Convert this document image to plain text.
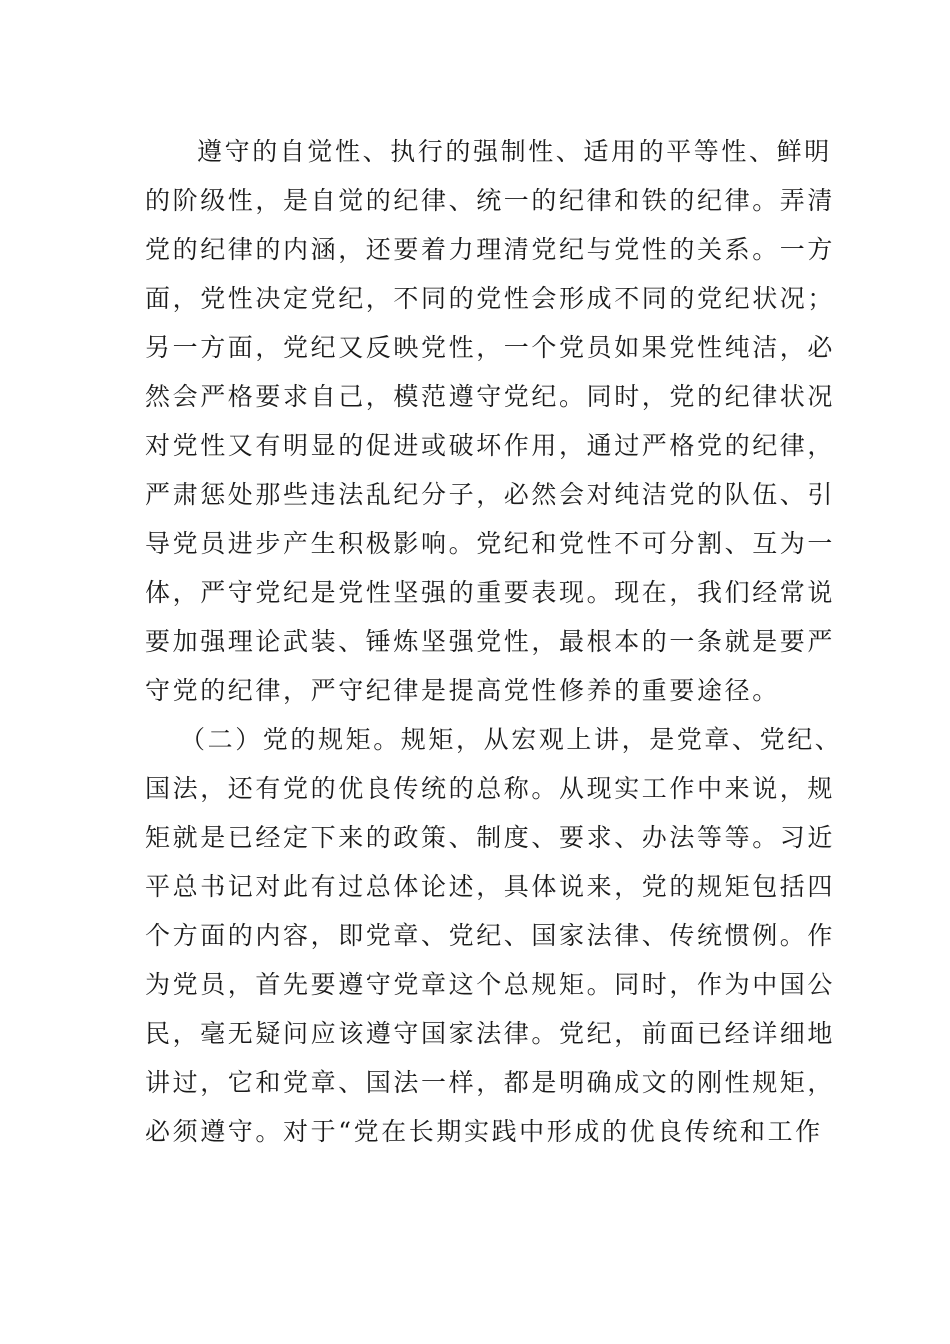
遵守的自觉性、执行的强制性、适用的平等性、鲜明
的阶级性，是自觉的纪律、统一的纪律和铁的纪律。弄清
党的纪律的内涵，还要着力理清党纪与党性的关系。一方
面，党性决定党纪，不同的党性会形成不同的党纪状况；
另一方面，党纪又反映党性，一个党员如果党性纯洁，必
然会严格要求自己，模范遵守党纪。同时，党的纪律状况
对党性又有明显的促进或破坏作用，通过严格党的纪律，
严肃惩处那些违法乱纪分子，必然会对纯洁党的队伍、引
导党员进步产生积极影响。党纪和党性不可分割、互为一
体，严守党纪是党性坚强的重要表现。现在，我们经常说
要加强理论武装、锤炼坚强党性，最根本的一条就是要严
守党的纪律，严守纪律是提高党性修养的重要途径。
（二）党的规矩。规矩，从宏观上讲，是党章、党纪、
国法，还有党的优良传统的总称。从现实工作中来说，规
矩就是已经定下来的政策、制度、要求、办法等等。习近
平总书记对此有过总体论述，具体说来，党的规矩包括四
个方面的内容，即党章、党纪、国家法律、传统惯例。作
为党员，首先要遵守党章这个总规矩。同时，作为中国公
民，毫无疑问应该遵守国家法律。党纪，前面已经详细地
讲过，它和党章、国法一样，都是明确成文的刚性规矩，
必须遵守。对于“党在长期实践中形成的优良传统和工作
